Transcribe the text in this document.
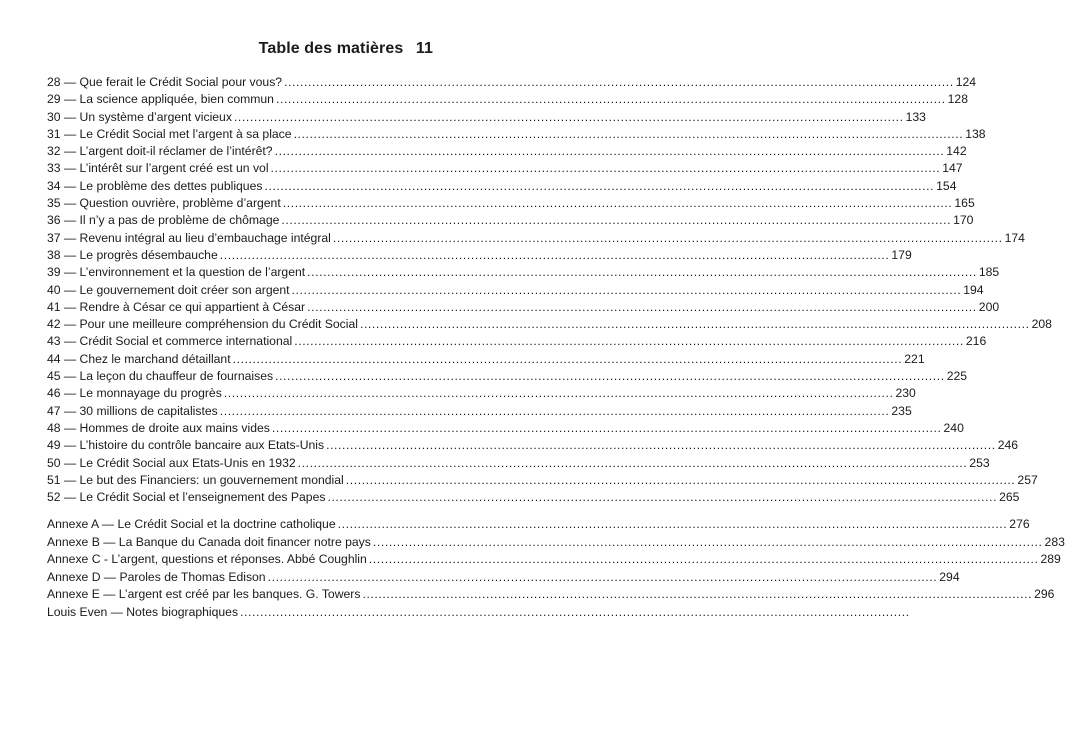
Table des matières 11
28 — Que ferait le Crédit Social pour vous? .....	124
29 — La science appliquée, bien commun .....	128
30 — Un système d’argent vicieux .....	133
31 — Le Crédit Social met l’argent à sa place .....	138
32 — L’argent doit-il réclamer de l’intérêt? .....	142
33 — L’intérêt sur l’argent créé est un vol .....	147
34 — Le problème des dettes publiques .....	154
35 — Question ouvrière, problème d’argent .....	165
36 — Il n’y a pas de problème de chômage .....	170
37 — Revenu intégral au lieu d’embauchage intégral .....	174
38 — Le progrès désembauche .....	179
39 — L’environnement et la question de l’argent .....	185
40 — Le gouvernement doit créer son argent .....	194
41 — Rendre à César ce qui appartient à César .....	200
42 — Pour une meilleure compréhension du Crédit Social .....	208
43 — Crédit Social et commerce international .....	216
44 — Chez le marchand détaillant .....	221
45 — La leçon du chauffeur de fournaises .....	225
46 — Le monnayage du progrès .....	230
47 — 30 millions de capitalistes .....	235
48 — Hommes de droite aux mains vides .....	240
49 — L’histoire du contrôle bancaire aux Etats-Unis .....	246
50 — Le Crédit Social aux Etats-Unis en 1932 .....	253
51 — Le but des Financiers: un gouvernement mondial .....	257
52 — Le Crédit Social et l’enseignement des Papes .....	265
Annexe A — Le Crédit Social et la doctrine catholique .....	276
Annexe B — La Banque du Canada doit financer notre pays .....	283
Annexe C - L’argent, questions et réponses. Abbé Coughlin .....	289
Annexe D — Paroles de Thomas Edison .....	294
Annexe E — L’argent est créé par les banques. G. Towers .....	296
Louis Even — Notes biographiques
.....
